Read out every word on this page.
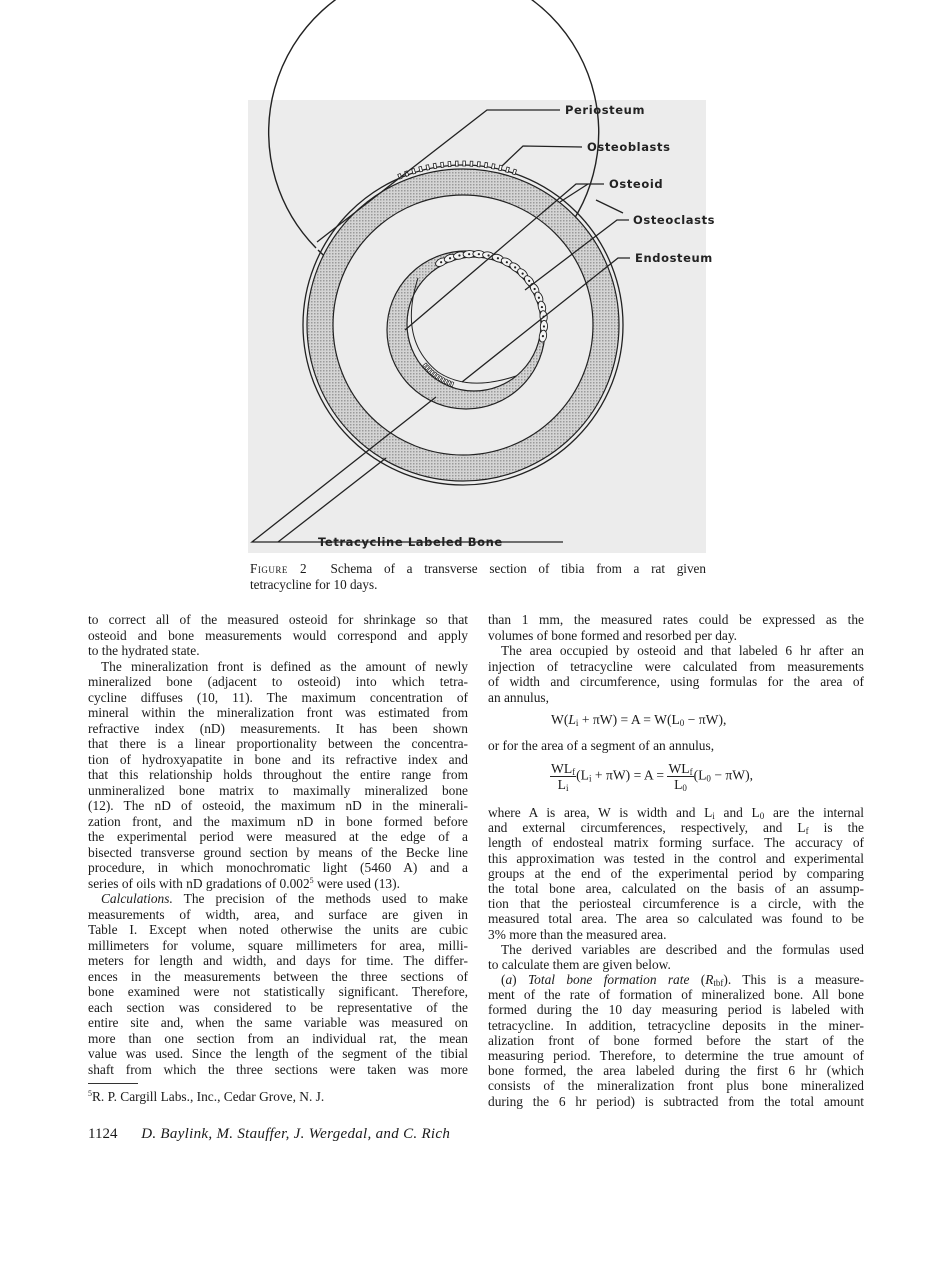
Periosteum
Osteoblasts
Osteoid
Osteoclasts
Endosteum
Tetracycline Labeled Bone
Figure 2 Schema of a transverse section of tibia from a rat given
tetracycline for 10 days.
to correct all of the measured osteoid for shrinkage so that
osteoid and bone measurements would correspond and apply
to the hydrated state.
The mineralization front is defined as the amount of newly
mineralized bone (adjacent to osteoid) into which tetra-
cycline diffuses (10, 11). The maximum concentration of
mineral within the mineralization front was estimated from
refractive index (nD) measurements. It has been shown
that there is a linear proportionality between the concentra-
tion of hydroxyapatite in bone and its refractive index and
that this relationship holds throughout the entire range from
unmineralized bone matrix to maximally mineralized bone
(12). The nD of osteoid, the maximum nD in the minerali-
zation front, and the maximum nD in bone formed before
the experimental period were measured at the edge of a
bisected transverse ground section by means of the Becke line
procedure, in which monochromatic light (5460 A) and a
series of oils with nD gradations of 0.002$^5$ were used (13).
Calculations. The precision of the methods used to make
measurements of width, area, and surface are given in
Table I. Except when noted otherwise the units are cubic
millimeters for volume, square millimeters for area, milli-
meters for length and width, and days for time. The differ-
ences in the measurements between the three sections of
bone examined were not statistically significant. Therefore,
each section was considered to be representative of the
entire site and, when the same variable was measured on
more than one section from an individual rat, the mean
value was used. Since the length of the segment of the tibial
shaft from which the three sections were taken was more
than 1 mm, the measured rates could be expressed as the
volumes of bone formed and resorbed per day.
The area occupied by osteoid and that labeled 6 hr after an
injection of tetracycline were calculated from measurements
of width and circumference, using formulas for the area of
an annulus,
$W(L_i + \pi W) = A = W(L_0 - \pi W)$,
or for the area of a segment of an annulus,
$\frac{WL_f}{L_i} (L_i + \pi W) = A = \frac{WL_f}{L_0} (L_0 - \pi W)$,
where A is area, W is width and $L_i$ and $L_0$ are the internal
and external circumferences, respectively, and $L_f$ is the
length of endosteal matrix forming surface. The accuracy of
this approximation was tested in the control and experimental
groups at the end of the experimental period by comparing
the total bone area, calculated on the basis of an assump-
tion that the periosteal circumference is a circle, with the
measured total area. The area so calculated was found to be
3% more than the measured area.
The derived variables are described and the formulas used
to calculate them are given below.
(a) Total bone formation rate $(R_{tbf})$. This is a measure-
ment of the rate of formation of mineralized bone. All bone
formed during the 10 day measuring period is labeled with
tetracycline. In addition, tetracycline deposits in the miner-
alization front of bone formed before the start of the
measuring period. Therefore, to determine the true amount of
bone formed, the area labeled during the first 6 hr (which
consists of the mineralization front plus bone mineralized
during the 6 hr period) is subtracted from the total amount
$^5$R. P. Cargill Labs., Inc., Cedar Grove, N. J.
1124 D. Baylink, M. Stauffer, J. Wergedal, and C. Rich
